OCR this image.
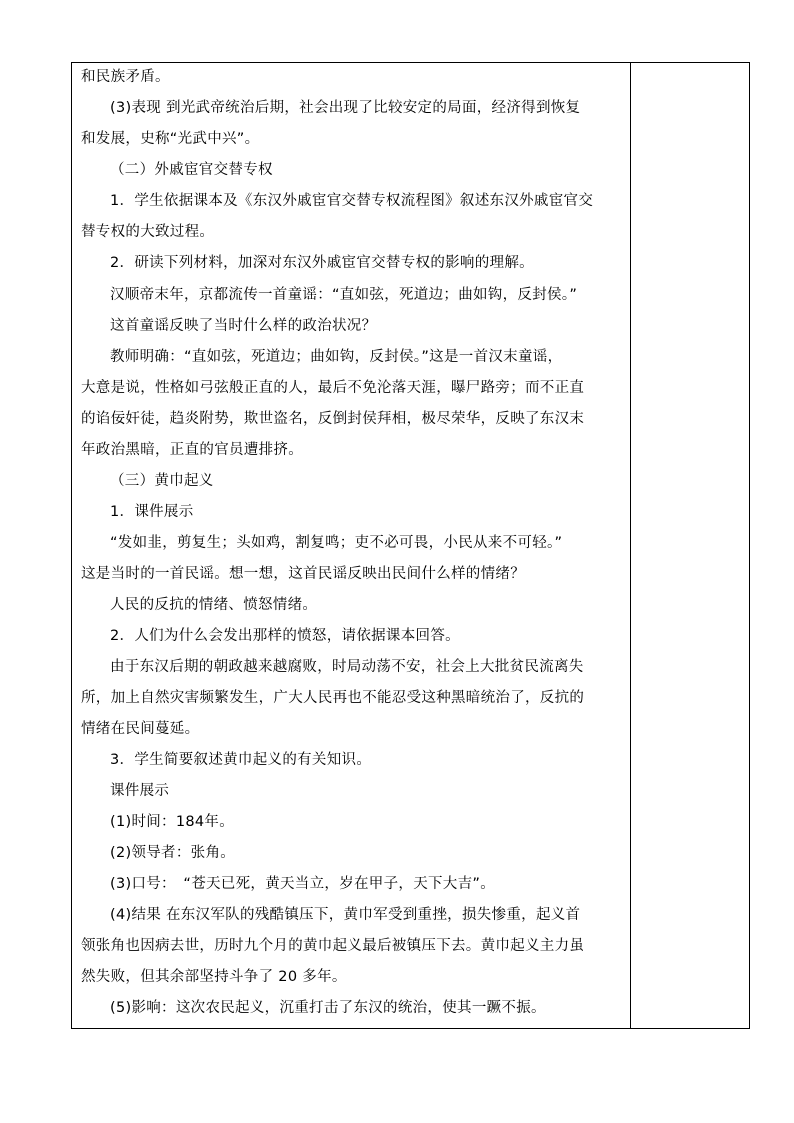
和民族矛盾。
(3)表现 到光武帝统治后期，社会出现了比较安定的局面，经济得到恢复
和发展，史称“光武中兴”。
（二）外戚宦官交替专权
1．学生依据课本及《东汉外戚宦官交替专权流程图》叙述东汉外戚宦官交
替专权的大致过程。
2．研读下列材料，加深对东汉外戚宦官交替专权的影响的理解。
汉顺帝末年，京都流传一首童谣：“直如弦，死道边；曲如钩，反封侯。”
这首童谣反映了当时什么样的政治状况？
教师明确：“直如弦，死道边；曲如钩，反封侯。”这是一首汉末童谣，
大意是说，性格如弓弦般正直的人，最后不免沦落天涯，曝尸路旁；而不正直
的谄佞奸徒，趋炎附势，欺世盗名，反倒封侯拜相，极尽荣华，反映了东汉末
年政治黑暗，正直的官员遭排挤。
（三）黄巾起义
1．课件展示
“发如韭，剪复生；头如鸡，割复鸣；吏不必可畏，小民从来不可轻。”
这是当时的一首民谣。想一想，这首民谣反映出民间什么样的情绪？
人民的反抗的情绪、愤怒情绪。
2．人们为什么会发出那样的愤怒，请依据课本回答。
由于东汉后期的朝政越来越腐败，时局动荡不安，社会上大批贫民流离失
所，加上自然灾害频繁发生，广大人民再也不能忍受这种黑暗统治了，反抗的
情绪在民间蔓延。
3．学生简要叙述黄巾起义的有关知识。
课件展示
(1)时间：184年。
(2)领导者：张角。
(3)口号：　“苍天已死，黄天当立，岁在甲子，天下大吉”。
(4)结果 在东汉军队的残酷镇压下，黄巾军受到重挫，损失惨重，起义首
领张角也因病去世，历时九个月的黄巾起义最后被镇压下去。黄巾起义主力虽
然失败，但其余部坚持斗争了 20 多年。
(5)影响：这次农民起义，沉重打击了东汉的统治，使其一蹶不振。
